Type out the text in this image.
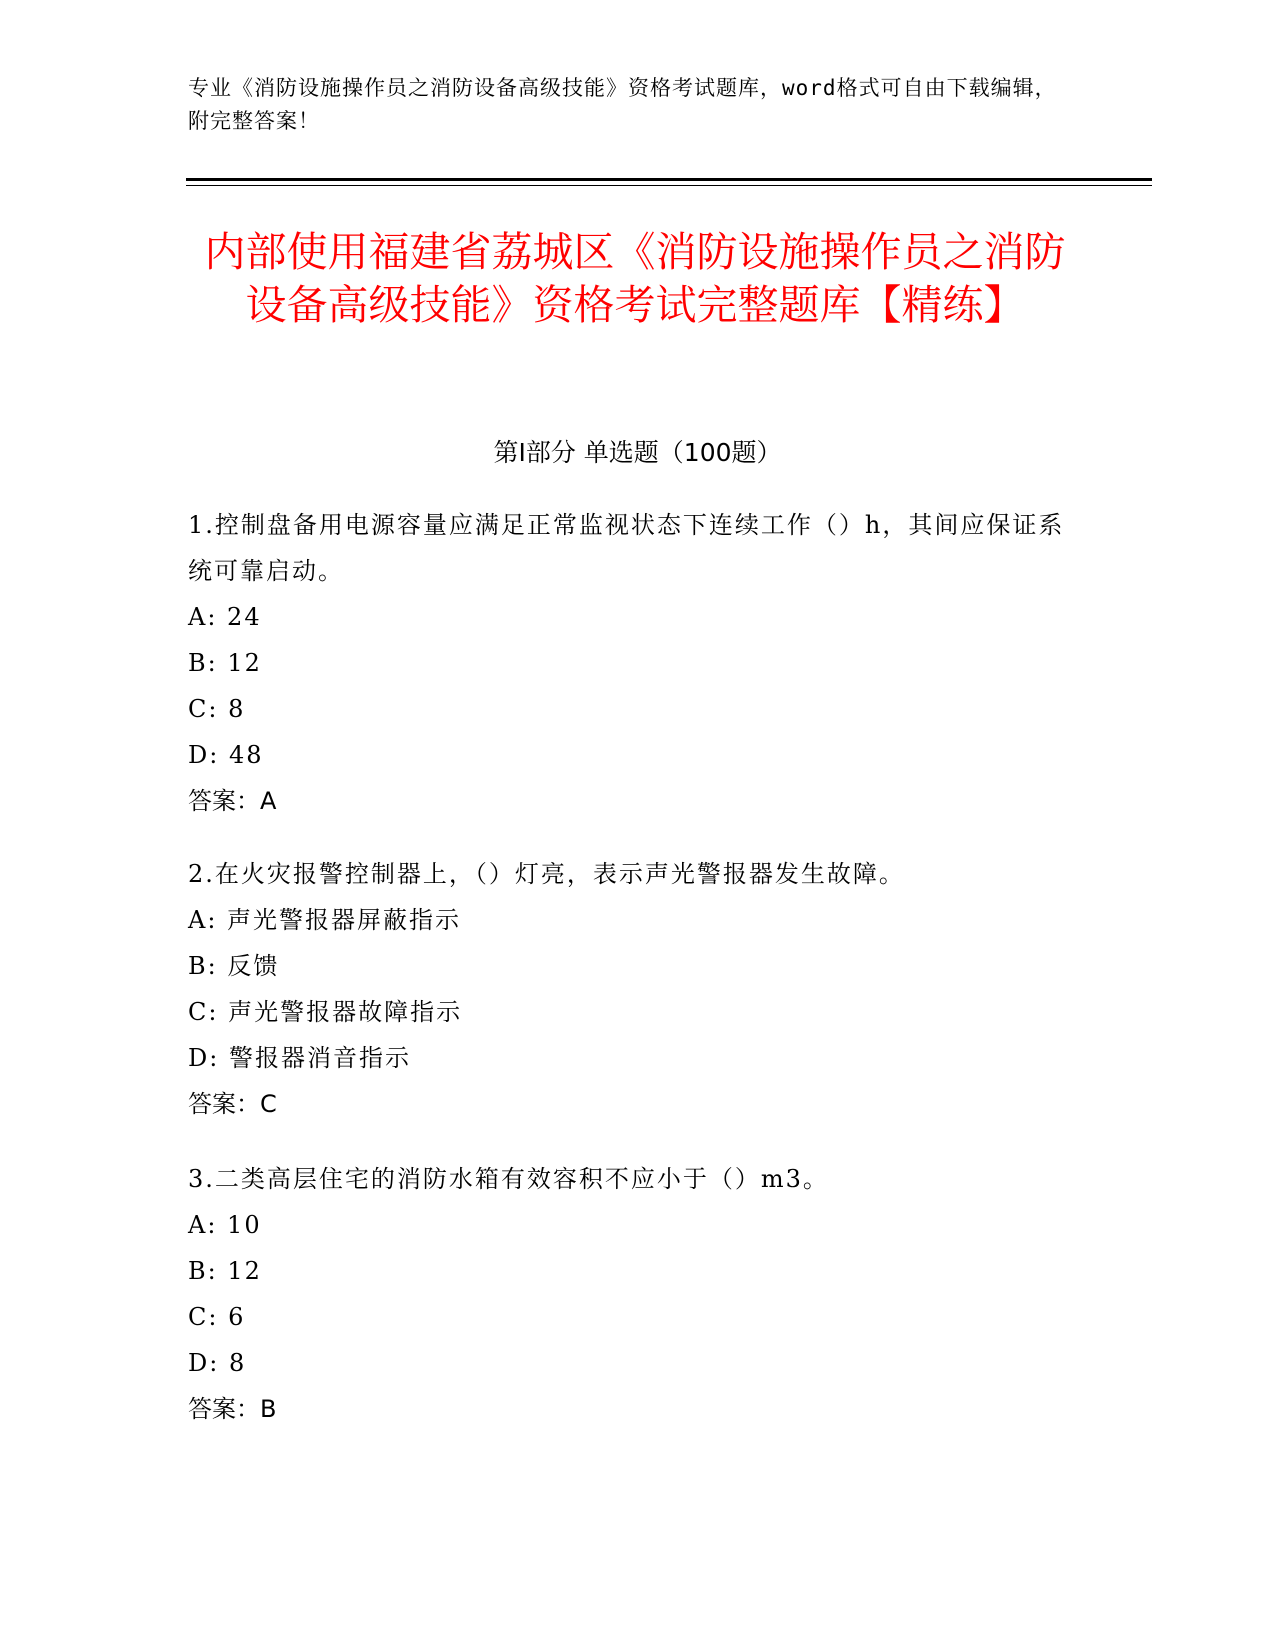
专业《消防设施操作员之消防设备高级技能》资格考试题库，word格式可自由下载编辑，附完整答案！
内部使用福建省荔城区《消防设施操作员之消防设备高级技能》资格考试完整题库【精练】
第I部分 单选题（100题）
1.控制盘备用电源容量应满足正常监视状态下连续工作（）h，其间应保证系统可靠启动。
A: 24
B: 12
C: 8
D: 48
答案：A
2.在火灾报警控制器上，（）灯亮，表示声光警报器发生故障。
A: 声光警报器屏蔽指示
B: 反馈
C: 声光警报器故障指示
D: 警报器消音指示
答案：C
3.二类高层住宅的消防水箱有效容积不应小于（）m3。
A: 10
B: 12
C: 6
D: 8
答案：B
